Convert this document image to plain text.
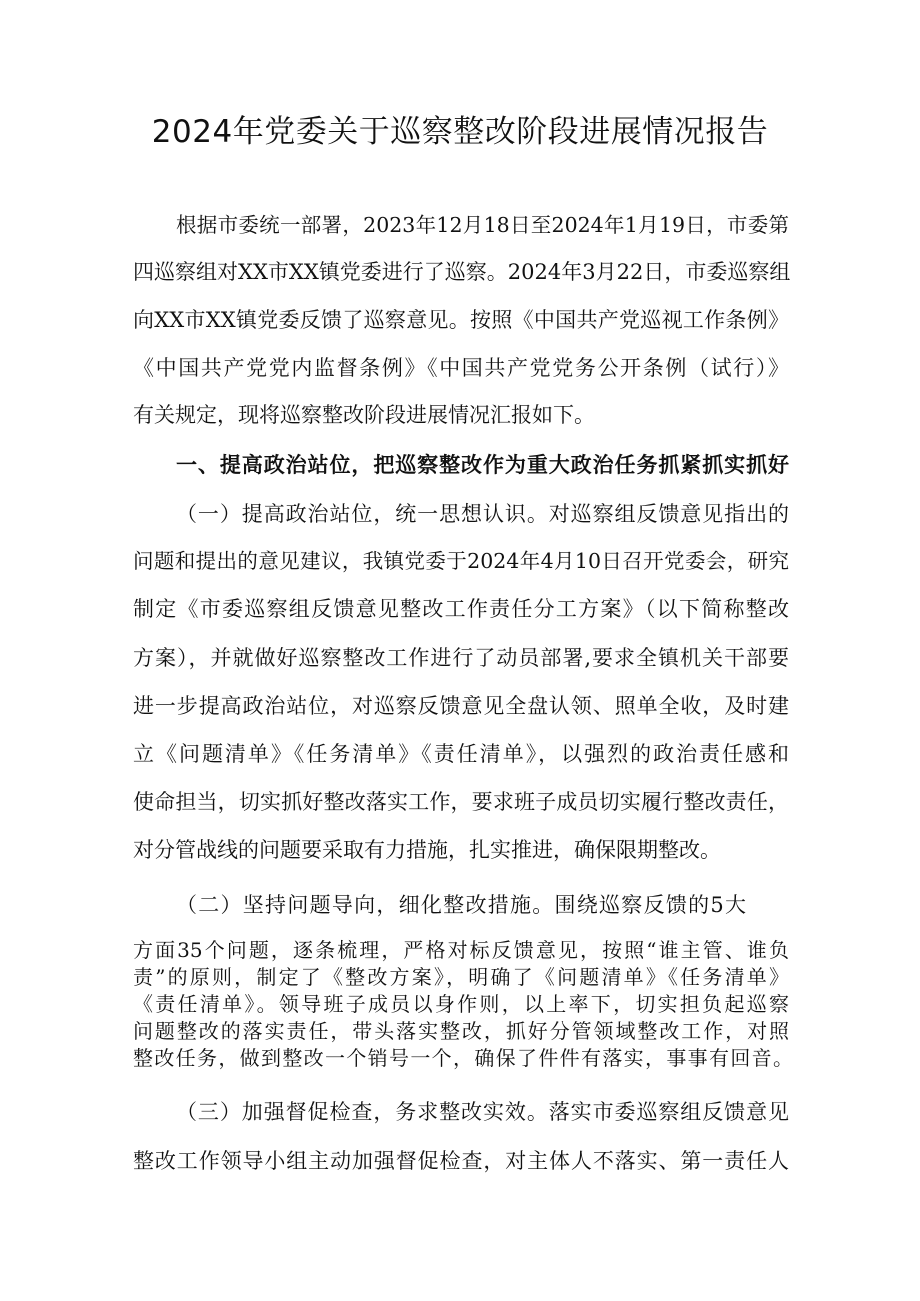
2024年党委关于巡察整改阶段进展情况报告
根据市委统一部署，2023年12月18日至2024年1月19日，市委第
四巡察组对XX市XX镇党委进行了巡察。2024年3月22日，市委巡察组
向XX市XX镇党委反馈了巡察意见。按照《中国共产党巡视工作条例》
《中国共产党党内监督条例》《中国共产党党务公开条例（试行）》
有关规定，现将巡察整改阶段进展情况汇报如下。
一、提高政治站位，把巡察整改作为重大政治任务抓紧抓实抓好
（一）提高政治站位，统一思想认识。对巡察组反馈意见指出的
问题和提出的意见建议，我镇党委于2024年4月10日召开党委会，研究
制定《市委巡察组反馈意见整改工作责任分工方案》（以下简称整改
方案），并就做好巡察整改工作进行了动员部署,要求全镇机关干部要
进一步提高政治站位，对巡察反馈意见全盘认领、照单全收，及时建
立《问题清单》《任务清单》《责任清单》，以强烈的政治责任感和
使命担当，切实抓好整改落实工作，要求班子成员切实履行整改责任，
对分管战线的问题要采取有力措施，扎实推进，确保限期整改。
（二）坚持问题导向，细化整改措施。围绕巡察反馈的5大
方面35个问题，逐条梳理，严格对标反馈意见，按照“谁主管、谁负
责”的原则，制定了《整改方案》，明确了《问题清单》《任务清单》
《责任清单》。领导班子成员以身作则，以上率下，切实担负起巡察
问题整改的落实责任，带头落实整改，抓好分管领域整改工作，对照
整改任务，做到整改一个销号一个，确保了件件有落实，事事有回音。
（三）加强督促检查，务求整改实效。落实市委巡察组反馈意见
整改工作领导小组主动加强督促检查，对主体人不落实、第一责任人
